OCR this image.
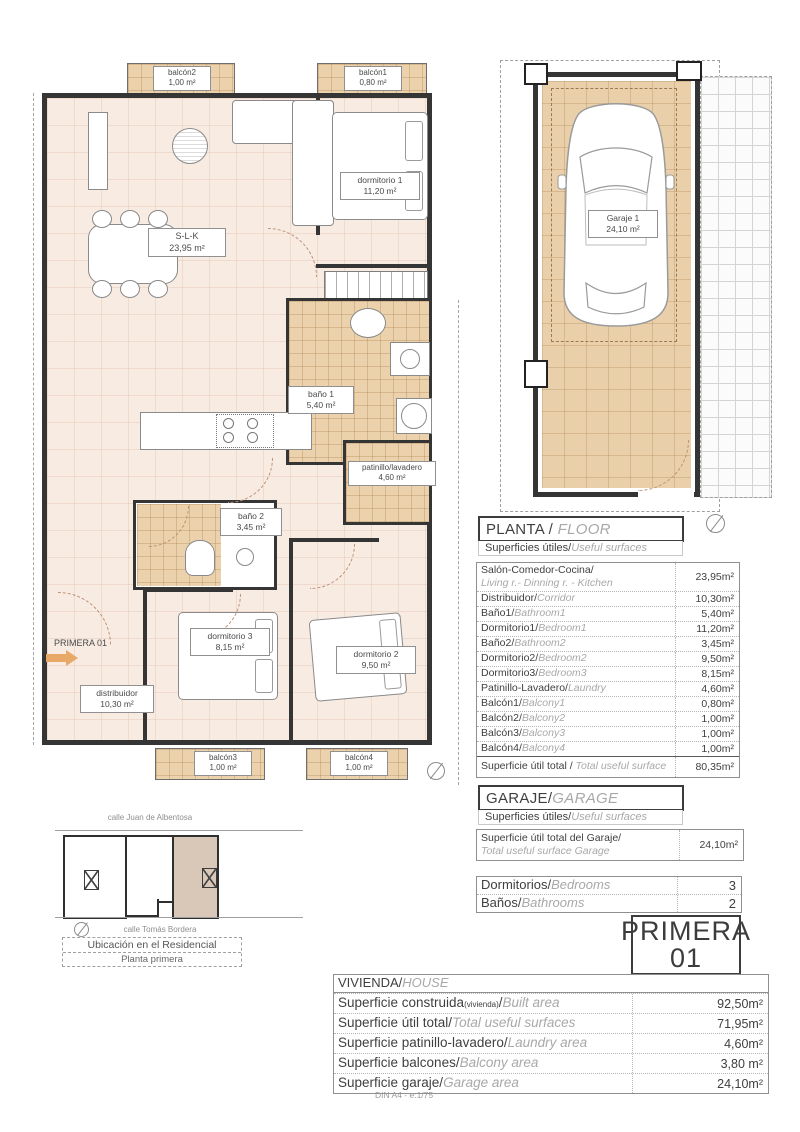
balcón2
1,00 m²
balcón1
0,80 m²
balcón3
1,00 m²
balcón4
1,00 m²
dormitorio 1
11,20 m²
S-L-K
23,95 m²
baño 1
5,40 m²
patinillo/lavadero
4,60 m²
baño 2
3,45 m²
dormitorio 3
8,15 m²
dormitorio 2
9,50 m²
distribuidor
10,30 m²
PRIMERA 01
Garaje 1
24,10 m²
PLANTA / FLOOR
Superficies útiles/Useful surfaces
Salón-Comedor-Cocina/
Living r.- Dinning r. - Kitchen	23,95m²
Distribuidor/Corridor	10,30m²
Baño1/Bathroom1	5,40m²
Dormitorio1/Bedroom1	11,20m²
Baño2/Bathroom2	3,45m²
Dormitorio2/Bedroom2	9,50m²
Dormitorio3/Bedroom3	8,15m²
Patinillo-Lavadero/Laundry	4,60m²
Balcón1/Balcony1	0,80m²
Balcón2/Balcony2	1,00m²
Balcón3/Balcony3	1,00m²
Balcón4/Balcony4	1,00m²
Superficie útil total / Total useful surface	80,35m²
GARAJE/GARAGE
Superficies útiles/Useful surfaces
Superficie útil total del Garaje/
Total useful surface Garage	24,10m²
Dormitorios/Bedrooms	3
Baños/Bathrooms	2
PRIMERA
01
calle Juan de Albentosa
calle Tomás Bordera
Ubicación en el Residencial
Planta primera
VIVIENDA/HOUSE
Superficie construida(vivienda)/Built area	92,50m²
Superficie útil total/Total useful surfaces	71,95m²
Superficie patinillo-lavadero/Laundry area	4,60m²
Superficie balcones/Balcony area	3,80 m²
Superficie garaje/Garage area	24,10m²
DIN A4 - e:1/75
